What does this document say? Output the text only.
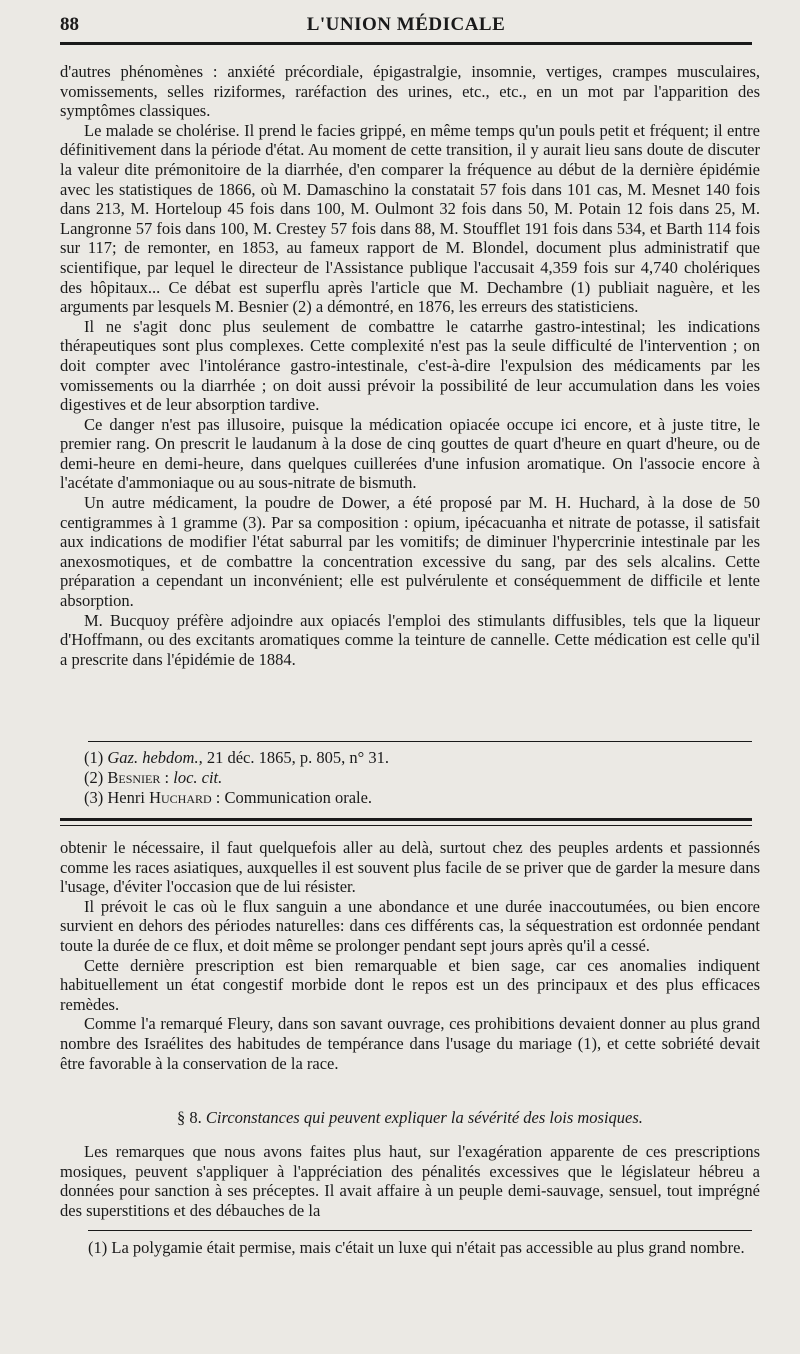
88	L'UNION MÉDICALE

d'autres phénomènes : anxiété précordiale, épigastralgie, insomnie, vertiges, crampes musculaires, vomissements, selles riziformes, raréfaction des urines, etc., etc., en un mot par l'apparition des symptômes classiques.

Le malade se cholérise. Il prend le facies grippé, en même temps qu'un pouls petit et fréquent; il entre définitivement dans la période d'état. Au moment de cette transition, il y aurait lieu sans doute de discuter la valeur dite prémonitoire de la diarrhée, d'en comparer la fréquence au début de la dernière épidémie avec les statistiques de 1866, où M. Damaschino la constatait 57 fois dans 101 cas, M. Mesnet 140 fois dans 213, M. Horteloup 45 fois dans 100, M. Oulmont 32 fois dans 50, M. Potain 12 fois dans 25, M. Langronne 57 fois dans 100, M. Crestey 57 fois dans 88, M. Stoufflet 191 fois dans 534, et Barth 114 fois sur 117; de remonter, en 1853, au fameux rapport de M. Blondel, document plus administratif que scientifique, par lequel le directeur de l'Assistance publique l'accusait 4,359 fois sur 4,740 cholériques des hôpitaux... Ce débat est superflu après l'article que M. Dechambre (1) publiait naguère, et les arguments par lesquels M. Besnier (2) a démontré, en 1876, les erreurs des statisticiens.

Il ne s'agit donc plus seulement de combattre le catarrhe gastro-intestinal; les indications thérapeutiques sont plus complexes. Cette complexité n'est pas la seule difficulté de l'intervention ; on doit compter avec l'intolérance gastro-intestinale, c'est-à-dire l'expulsion des médicaments par les vomissements ou la diarrhée ; on doit aussi prévoir la possibilité de leur accumulation dans les voies digestives et de leur absorption tardive.

Ce danger n'est pas illusoire, puisque la médication opiacée occupe ici encore, et à juste titre, le premier rang. On prescrit le laudanum à la dose de cinq gouttes de quart d'heure en quart d'heure, ou de demi-heure en demi-heure, dans quelques cuillerées d'une infusion aromatique. On l'associe encore à l'acétate d'ammoniaque ou au sous-nitrate de bismuth.

Un autre médicament, la poudre de Dower, a été proposé par M. H. Huchard, à la dose de 50 centigrammes à 1 gramme (3). Par sa composition : opium, ipécacuanha et nitrate de potasse, il satisfait aux indications de modifier l'état saburral par les vomitifs; de diminuer l'hypercrinie intestinale par les anexosmotiques, et de combattre la concentration excessive du sang, par des sels alcalins. Cette préparation a cependant un inconvénient; elle est pulvérulente et conséquemment de difficile et lente absorption.

M. Bucquoy préfère adjoindre aux opiacés l'emploi des stimulants diffusibles, tels que la liqueur d'Hoffmann, ou des excitants aromatiques comme la teinture de cannelle. Cette médication est celle qu'il a prescrite dans l'épidémie de 1884.

(1) Gaz. hebdom., 21 déc. 1865, p. 805, n° 31.
(2) Besnier : loc. cit.
(3) Henri Huchard : Communication orale.

obtenir le nécessaire, il faut quelquefois aller au delà, surtout chez des peuples ardents et passionnés comme les races asiatiques, auxquelles il est souvent plus facile de se priver que de garder la mesure dans l'usage, d'éviter l'occasion que de lui résister.

Il prévoit le cas où le flux sanguin a une abondance et une durée inaccoutumées, ou bien encore survient en dehors des périodes naturelles: dans ces différents cas, la séquestration est ordonnée pendant toute la durée de ce flux, et doit même se prolonger pendant sept jours après qu'il a cessé.

Cette dernière prescription est bien remarquable et bien sage, car ces anomalies indiquent habituellement un état congestif morbide dont le repos est un des principaux et des plus efficaces remèdes.

Comme l'a remarqué Fleury, dans son savant ouvrage, ces prohibitions devaient donner au plus grand nombre des Israélites des habitudes de tempérance dans l'usage du mariage (1), et cette sobriété devait être favorable à la conservation de la race.

§ 8. Circonstances qui peuvent expliquer la sévérité des lois mosiques.

Les remarques que nous avons faites plus haut, sur l'exagération apparente de ces prescriptions mosiques, peuvent s'appliquer à l'appréciation des pénalités excessives que le législateur hébreu a données pour sanction à ses préceptes. Il avait affaire à un peuple demi-sauvage, sensuel, tout imprégné des superstitions et des débauches de la

(1) La polygamie était permise, mais c'était un luxe qui n'était pas accessible au plus grand nombre.
